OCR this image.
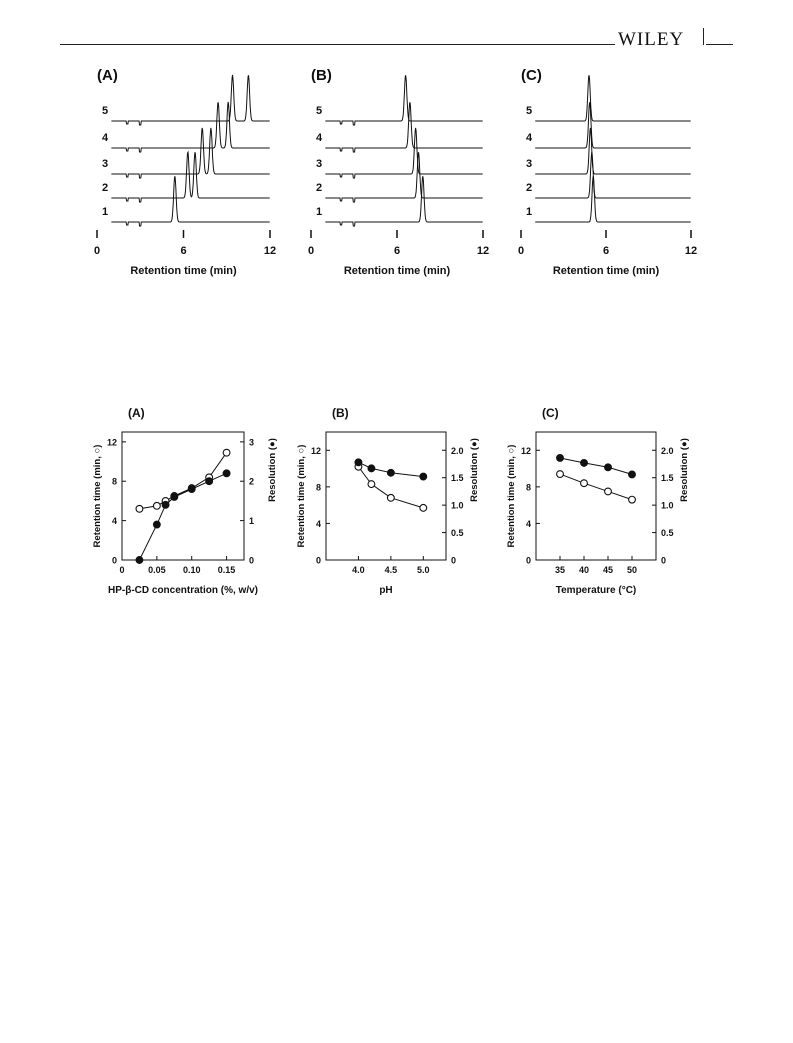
WILEY
(A)
1
2
3
4
5
0	6	12
Retention time (min)
(B)
1
2
3
4
5
0	6	12
Retention time (min)
(C)
1
2
3
4
5
0	6	12
Retention time (min)
(A)
0
4
8
12
0
1
2
3
0	0.05 0.10 0.15
HP-β-CD concentration (%, w/v)
Retention time (min, ○)	Resolution (●)
(B)
0
4
8
12
0
0.5
1.0
1.5
2.0
4.0 4.5 5.0
pH
Retention time (min, ○)	Resolution (●)
(C)
0
4
8
12
0
0.5
1.0
1.5
2.0
35 40 45 50
Temperature (°C)
Retention time (min, ○)	Resolution (●)
